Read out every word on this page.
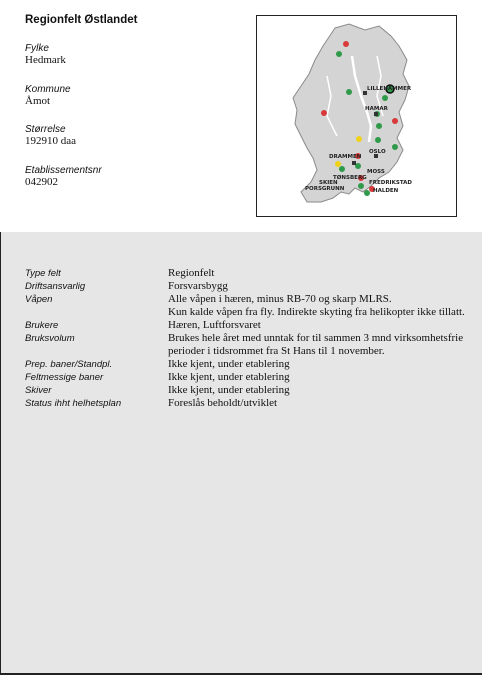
Regionfelt Østlandet
Fylke
Hedmark
Kommune
Åmot
Størrelse
192910 daa
Etablissementsnr
042902
LILLEHAMMER
HAMAR
OSLO
DRAMMEN
MOSS
SKIEN
PORSGRUNN
TØNSBERG
FREDRIKSTAD
HALDEN
Type felt	Regionfelt
Driftsansvarlig	Forsvarsbygg
Våpen	Alle våpen i hæren, minus RB-70 og skarp MLRS.
Kun kalde våpen fra fly. Indirekte skyting fra helikopter ikke tillatt.
Brukere	Hæren, Luftforsvaret
Bruksvolum	Brukes hele året med unntak for til sammen 3 mnd virksomhetsfrie perioder i tidsrommet fra St Hans til 1 november.
Prep. baner/Standpl.	Ikke kjent, under etablering
Feltmessige baner	Ikke kjent, under etablering
Skiver	Ikke kjent, under etablering
Status ihht helhetsplan	Foreslås beholdt/utviklet
